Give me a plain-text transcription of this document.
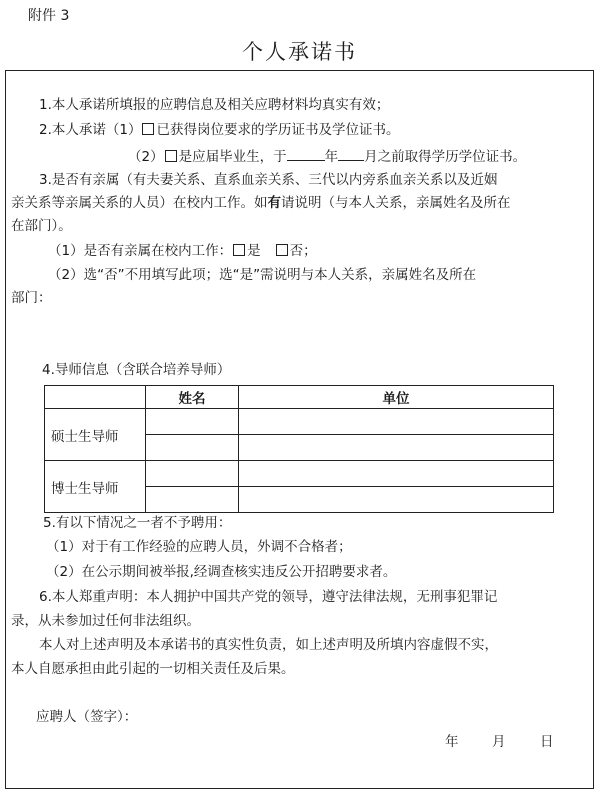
附件 3
个人承诺书
1.本人承诺所填报的应聘信息及相关应聘材料均真实有效；
2.本人承诺（1） 已获得岗位要求的学历证书及学位证书。
（2） 是应届毕业生，于	年 月之前取得学历学位证书。
3.是否有亲属（有夫妻关系、直系血亲关系、三代以内旁系血亲关系以及近姻
亲关系等亲属关系的人员）在校内工作。如有请说明（与本人关系，亲属姓名及所在
在部门）。
（1）是否有亲属在校内工作： 是 否；
（2）选“否”不用填写此项；选“是”需说明与本人关系，亲属姓名及所在
部门：
4.导师信息（含联合培养导师）
	姓名	单位
硕士生导师		

博士生导师		

5.有以下情况之一者不予聘用：
（1）对于有工作经验的应聘人员，外调不合格者；
（2）在公示期间被举报,经调查核实违反公开招聘要求者。
6.本人郑重声明：本人拥护中国共产党的领导，遵守法律法规，无刑事犯罪记
录，从未参加过任何非法组织。
本人对上述声明及本承诺书的真实性负责，如上述声明及所填内容虚假不实，
本人自愿承担由此引起的一切相关责任及后果。
应聘人（签字）：
年 月	日
